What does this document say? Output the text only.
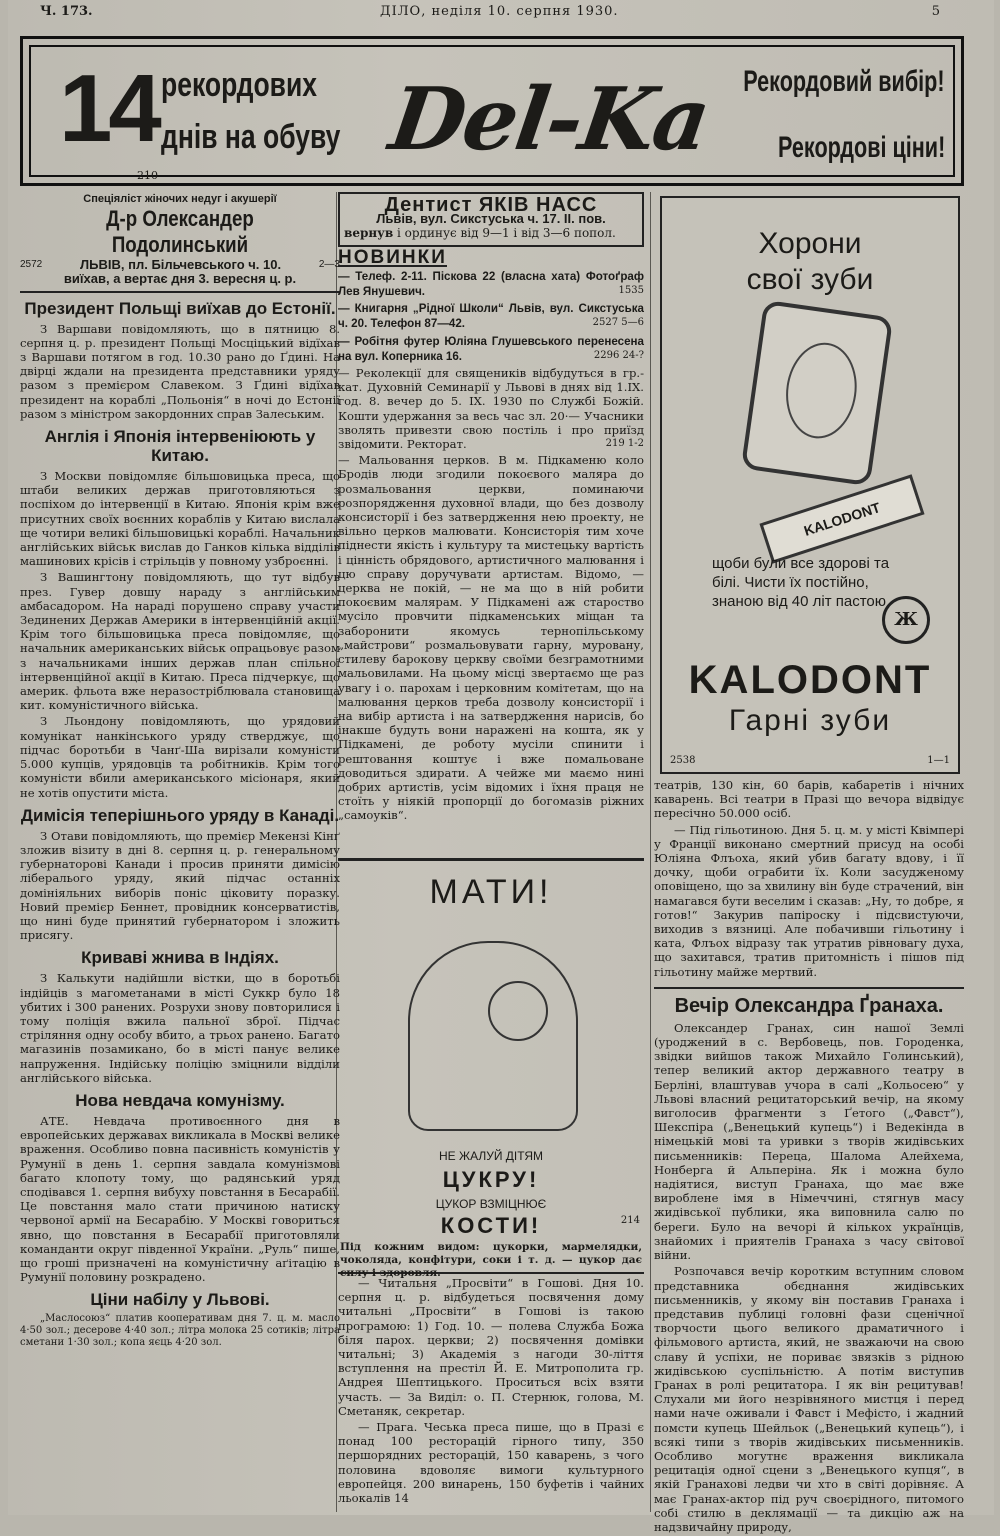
Ч. 173.	ДІЛО, неділя 10. серпня 1930.	5
14 рекордових
днів на обуву
210
Del-Ka Рекордовий вибір!
Рекордові ціни!
Спеціяліст жіночих недуг і акушерії
Д-р Олександер Подолинський
2572	ЛЬВІВ, пл. Більчевського ч. 10.	2—3
виїхав, а вертає дня 3. вересня ц. р.
Президент Польщі виїхав до Естонії.

З Варшави повідомляють, що в пятницю 8. серпня ц. р. президент Польщі Мосціцький відїхав з Варшави потягом в год. 10.30 рано до Ґдині. На двірці ждали на президента представники уряду разом з премієром Славеком. З Ґдині відїхав президент на кораблі „Польонія“ в ночі до Естонії разом з міністром закордонних справ Залеським.

Англія і Японія інтервеніюють у Китаю.

З Москви повідомляє більшовицька преса, що штаби великих держав приготовляються з поспіхом до інтервенції в Китаю. Японія крім вже присутних своїх воєнних кораблів у Китаю вислала ще чотири великі більшовицькі кораблі. Начальник англійських військ вислав до Ганков кілька відділів машинових крісів і стрільців у повному узброєнні.

З Вашингтону повідомляють, що тут відбув през. Гувер довшу нараду з англійським амбасадором. На нараді порушено справу участи Зединених Держав Америки в інтервенційній акції. Крім того більшовицька преса повідомляє, що начальник американських військ опрацьовує разом з начальниками інших держав план спільної інтервенційної акції в Китаю. Преса підчеркує, що америк. фльота вже неразостріблювала становища кит. комуністичного війська.

З Льондону повідомляють, що урядовий комунікат нанкінського уряду стверджує, що підчас боротьби в Чанґ-Ша вирізали комуністи 5.000 купців, урядовців та робітників. Крім того комуністи вбили американського місіонаря, який не хотів опустити міста.

Димісія теперішнього уряду в Канаді.

З Отави повідомляють, що премієр Мекензі Кінґ зложив візиту в дні 8. серпня ц. р. генеральному губернаторові Канади і просив приняти димісію лібералього уряду, який підчас останніх домініяльних виборів поніс ціковиту поразку. Новий премієр Беннет, провідник консерватистів, що нині буде принятий губернатором і зложить присягу.

Криваві жнива в Індіях.

З Калькути надійшли вістки, що в боротьбі індійців з магометанами в місті Суккр було 18 убитих і 300 ранених. Розрухи знову повторилися і тому поліція вжила пальної зброї. Підчас стріляння одну особу вбито, а трьох ранено. Багато магазинів позамикано, бо в місті панує велике напруження. Індійську поліцію зміцнили відділи англійського війська.

Нова невдача комунізму.

АТЕ. Невдача противоєнного дня в европейських державах викликала в Москві велике враження. Особливо повна пасивність комуністів у Румунії в день 1. серпня завдала комунізмові багато клопоту тому, що радянський уряд сподівався 1. серпня вибуху повстання в Бесарабії. Це повстання мало стати причиною натиску червоної армії на Бесарабію. У Москві говориться явно, що повстання в Бесарабії приготовляли команданти округ південної України. „Руль“ пише, що гроші призначені на комуністичну аґітацію в Румунії половину розкрадено.

Ціни набілу у Львові.

„Маслосоюз“ платив кооперативам дня 7. ц. м. масло 4·50 зол.; десерове 4·40 зол.; літра молока 25 сотиків; літра сметани 1·30 зол.; копа яєць 4·20 зол.

Дентист ЯКІВ НАСС
Львів, вул. Сикстуська ч. 17. II. пов.
вернув і ординує від 9—1 і від 3—6 попол.
НОВИНКИ
— Телеф. 2-11. Піскова 22 (власна хата) Фотоґраф Лев Янушевич.	1535
— Книгарня „Рідної Школи“ Львів, вул. Сикстуська ч. 20. Телефон 87—42.	2527 5—6
— Робітня футер Юліяна Глушевського перенесена на вул. Коперника 16.	2296 24-?
— Реколекції для священиків відбудуться в гр.-кат. Духовній Семинарії у Львові в днях від 1.IX. год. 8. вечер до 5. IX. 1930 по Службі Божій. Кошти удержання за весь час зл. 20·— Учасники зволять привезти свою постіль і про приїзд звідомити. Ректорат.	219 1-2
— Мальовання церков. В м. Підкаменю коло Бродів люди згодили покоєвого маляра до розмальовання церкви, поминаючи розпорядження духовної влади, що без дозволу консисторії і без затвердження нею проекту, не вільно церков малювати. Консисторія тим хоче піднести якість і культуру та мистецьку вартість і цінність обрядового, артистичного малювання і цю справу доручувати артистам. Відомо, — церква не покій, — не ма що в ній робити покоєвим малярам. У Підкамені аж староство мусіло провчити підкаменських міщан та заборонити якомусь тернопільському „майстрови“ розмальовувати гарну, муровану, стилеву барокову церкву своїми безграмотними мальовилами. На цьому місці звертаємо ще раз увагу і о. парохам і церковним комітетам, що на малювання церков треба дозволу консисторії і на вибір артиста і на затвердження нарисів, бо інакше будуть вони наражені на кошта, як у Підкамені, де роботу мусіли спинити і рештовання коштує і вже помальоване доводиться здирати. А чейже ми маємо нині добрих артистів, усім відомих і їхня праця не стоїть у ніякій пропорції до богомазів ріжних „самоуків“.
МАТИ!
НЕ ЖАЛУЙ ДІТЯМ
ЦУКРУ!
ЦУКОР ВЗМІЦНЮЄ
КОСТИ!	214
Під кожним видом: цукорки, мармелядки, чоколяда, конфітури, соки і т. д. — цукор дає силу і здоровля.

— Читальня „Просвіти“ в Гошові. Дня 10. серпня ц. р. відбудеться посвячення дому читальні „Просвіти“ в Гошові із такою програмою: 1) Год. 10. — полева Служба Божа біля парох. церкви; 2) посвячення домівки читальні; 3) Академія з нагоди 30-ліття вступлення на престіл Й. Е. Митрополита гр. Андрея Шептицького. Проситься всіх взяти участь. — За Виділ: о. П. Стернюк, голова, М. Сметаняк, секретар.

— Прага. Чеська преса пише, що в Празі є понад 100 ресторацій гірного типу, 350 першорядних ресторацій, 150 каварень, з чого половина вдоволяє вимоги культурного европейця. 200 винарень, 150 буфетів і чайних льокалів 14

Хорони
свої зуби
KALODONT
щоби були все здорові та білі. Чисти їх постійно, знаною від 40 літ пастою
Ж
KALODONT
Гарні зуби
2538	1—1

театрів, 130 кін, 60 барів, кабаретів і нічних каварень. Всі театри в Празі що вечора відвідує пересічно 50.000 осіб.

— Під гільотиною. Дня 5. ц. м. у місті Квімпері у Франції виконано смертний присуд на особі Юліяна Флъоха, який убив багату вдову, і її дочку, щоби ограбити їх. Коли засудженому оповіщено, що за хвилину він буде страчений, він намагався бути веселим і сказав: „Ну, то добре, я готов!“ Закурив папіроску і підсвистуючи, виходив з вязниці. Але побачивши гільотину і ката, Флъох відразу так утратив рівновагу духа, що захитався, тратив притомність і пішов під гільотину майже мертвий.

Вечір Олександра Ґранаха.

Олександер Гранах, син нашої Землі (уроджений в с. Вербовець, пов. Городенка, звідки вийшов також Михайло Голинський), тепер великий актор державного театру в Берліні, влаштував учора в салі „Кольосею“ у Львові власний рецитаторський вечір, на якому виголосив фрагменти з Ґетого („Фавст“), Шекспіра („Венецький купець“) і Ведекінда в німецькій мові та уривки з творів жидівських письменників: Переца, Шалома Алейхема, Нонберга й Альперіна. Як і можна було надіятися, виступ Гранаха, що має вже вироблене імя в Німеччині, стягнув масу жидівської публики, яка виповнила салю по береги. Було на вечорі й кількох українців, знайомих і приятелів Гранаха з часу світової війни.

Розпочався вечір коротким вступним словом представника обєднання жидівських письменників, у якому він поставив Гранаха і представив публиці головні фази сценічної творчости цього великого драматичного і фільмового артиста, який, не зважаючи на свою славу й успіхи, не пориває звязків з рідною жидівською суспільністю. А потім виступив Гранах в ролі рецитатора. І як він рецитував! Слухали ми його незрівняного мистця і перед нами наче оживали і Фавст і Мефісто, і жадний помсти купець Шейльок („Венецький купець“), і всякі типи з творів жидівських письменників. Особливо могутнє враження викликала рецитація одної сцени з „Венецького купця“, в якій Гранахові ледви чи хто в світі дорівняє. А має Гранах-актор під руч своєрідного, питомого собі стилю в деклямації — та дикцію аж на надзвичайну природу,
